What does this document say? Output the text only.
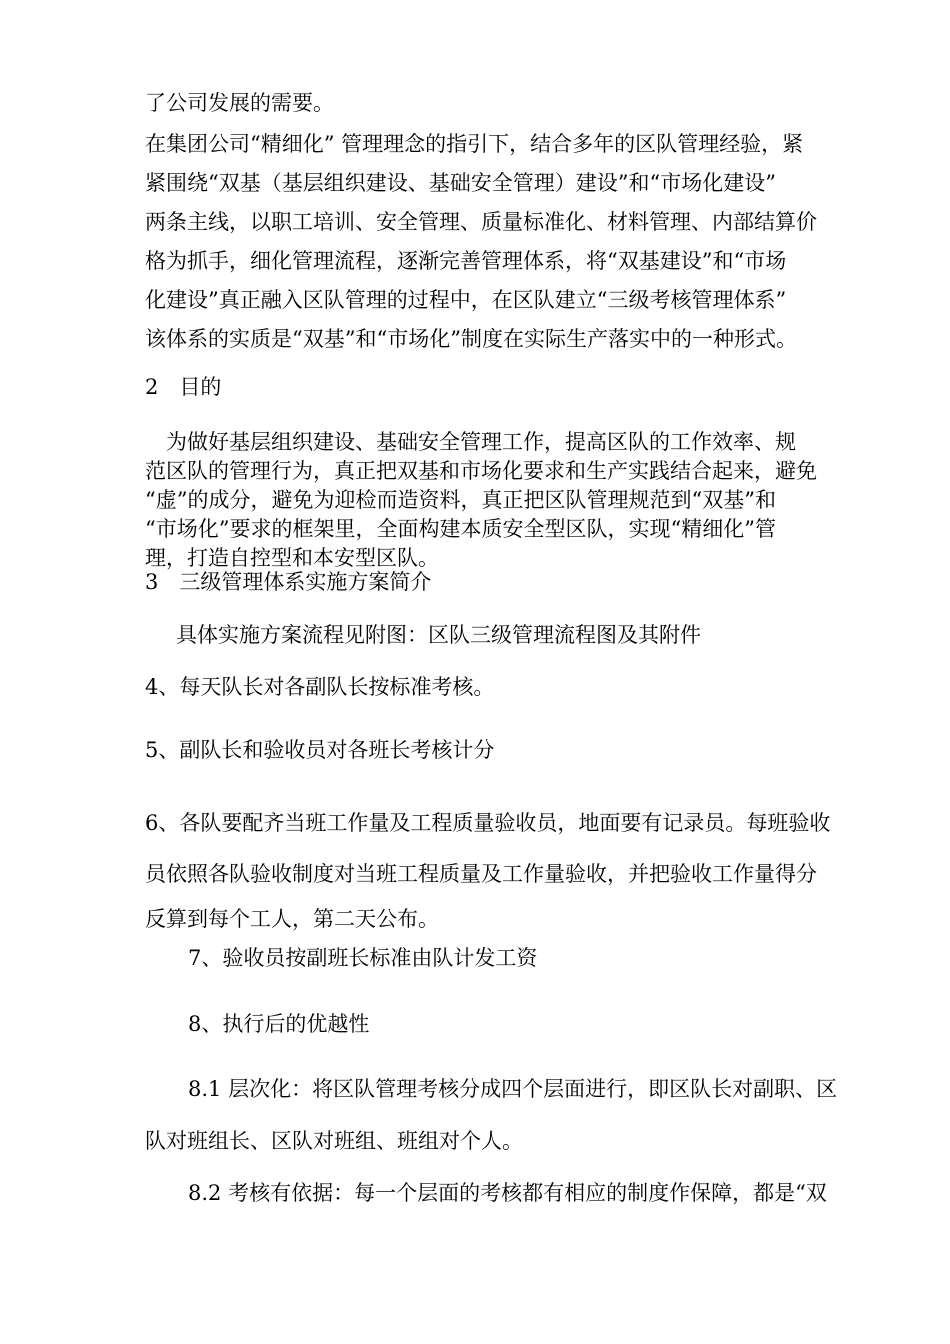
了公司发展的需要。

在集团公司“精细化” 管理理念的指引下，结合多年的区队管理经验，紧
紧围绕“双基（基层组织建设、基础安全管理）建设”和“市场化建设”
两条主线，以职工培训、安全管理、质量标准化、材料管理、内部结算价
格为抓手，细化管理流程，逐渐完善管理体系，将“双基建设”和“市场
化建设”真正融入区队管理的过程中，在区队建立“三级考核管理体系”
该体系的实质是“双基”和“市场化”制度在实际生产落实中的一种形式。

2　目的

　为做好基层组织建设、基础安全管理工作，提高区队的工作效率、规
范区队的管理行为，真正把双基和市场化要求和生产实践结合起来，避免
“虚”的成分，避免为迎检而造资料，真正把区队管理规范到“双基”和
“市场化”要求的框架里，全面构建本质安全型区队，实现“精细化”管
理，打造自控型和本安型区队。

3　三级管理体系实施方案简介

具体实施方案流程见附图：区队三级管理流程图及其附件

4、每天队长对各副队长按标准考核。

5、副队长和验收员对各班长考核计分

6、各队要配齐当班工作量及工程质量验收员，地面要有记录员。每班验收
员依照各队验收制度对当班工程质量及工作量验收，并把验收工作量得分
反算到每个工人，第二天公布。

7、验收员按副班长标准由队计发工资

8、执行后的优越性

8.1 层次化：将区队管理考核分成四个层面进行，即区队长对副职、区
队对班组长、区队对班组、班组对个人。

8.2 考核有依据：每一个层面的考核都有相应的制度作保障，都是“双
